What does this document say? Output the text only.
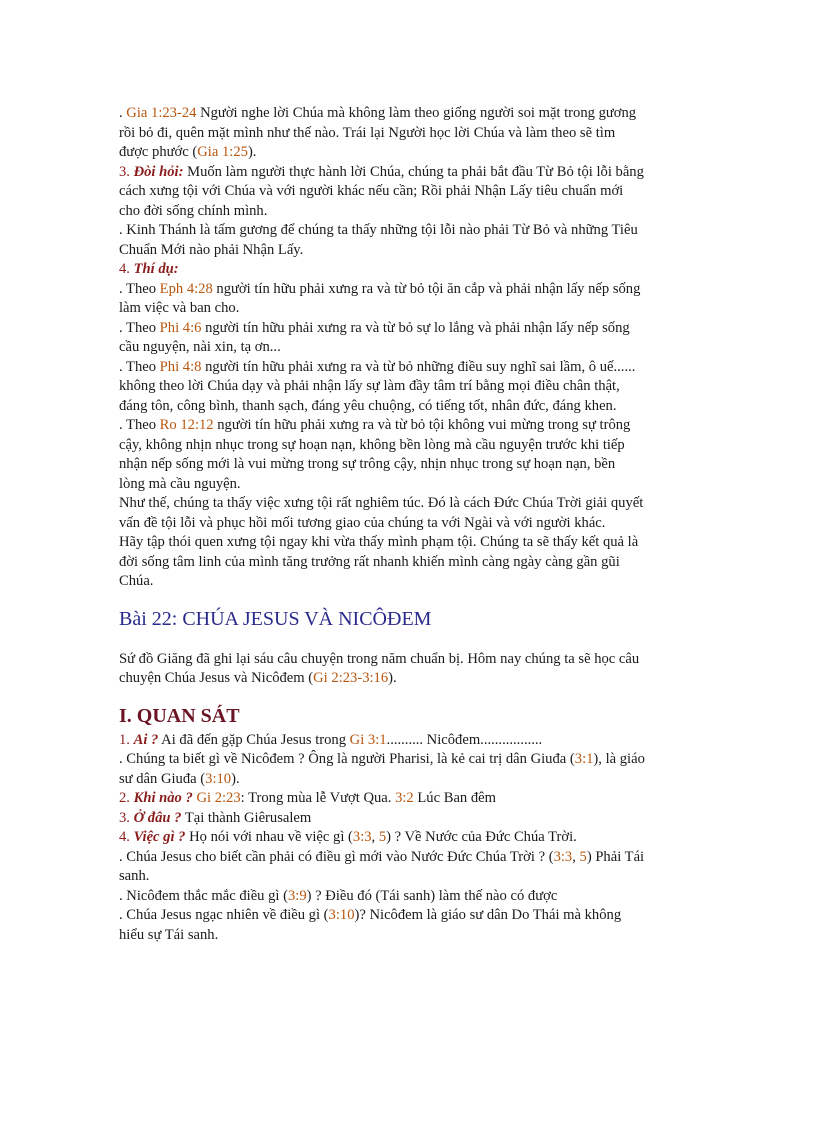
. Gia 1:23-24 Người nghe lời Chúa mà không làm theo giống người soi mặt trong gương
rồi bỏ đi, quên mặt mình như thế nào. Trái lại Người học lời Chúa và làm theo sẽ tìm
được phước (Gia 1:25).
3. Đòi hỏi: Muốn làm người thực hành lời Chúa, chúng ta phải bắt đầu Từ Bỏ tội lỗi bằng
cách xưng tội với Chúa và với người khác nếu cần; Rồi phải Nhận Lấy tiêu chuẩn mới
cho đời sống chính mình.
. Kinh Thánh là tấm gương để chúng ta thấy những tội lỗi nào phải Từ Bỏ và những Tiêu
Chuẩn Mới nào phải Nhận Lấy.
4. Thí dụ:
. Theo Eph 4:28 người tín hữu phải xưng ra và từ bỏ tội ăn cắp và phải nhận lấy nếp sống
làm việc và ban cho.
. Theo Phi 4:6 người tín hữu phải xưng ra và từ bỏ sự lo lắng và phải nhận lấy nếp sống
cầu nguyện, nài xin, tạ ơn...
. Theo Phi 4:8 người tín hữu phải xưng ra và từ bỏ những điều suy nghĩ sai lầm, ô uế......
không theo lời Chúa dạy và phải nhận lấy sự làm đầy tâm trí bằng mọi điều chân thật,
đáng tôn, công bình, thanh sạch, đáng yêu chuộng, có tiếng tốt, nhân đức, đáng khen.
. Theo Ro 12:12 người tín hữu phải xưng ra và từ bỏ tội không vui mừng trong sự trông
cậy, không nhịn nhục trong sự hoạn nạn, không bền lòng mà cầu nguyện trước khi tiếp
nhận nếp sống mới là vui mừng trong sự trông cậy, nhịn nhục trong sự hoạn nạn, bền
lòng mà cầu nguyện.
Như thế, chúng ta thấy việc xưng tội rất nghiêm túc. Đó là cách Đức Chúa Trời giải quyết
vấn đề tội lỗi và phục hồi mối tương giao của chúng ta với Ngài và với người khác.
Hãy tập thói quen xưng tội ngay khi vừa thấy mình phạm tội. Chúng ta sẽ thấy kết quả là
đời sống tâm linh của mình tăng trưởng rất nhanh khiến mình càng ngày càng gần gũi
Chúa.
Bài 22: CHÚA JESUS VÀ NICÔĐEM
Sứ đồ Giăng đã ghi lại sáu câu chuyện trong năm chuẩn bị. Hôm nay chúng ta sẽ học câu
chuyện Chúa Jesus và Nicôđem (Gi 2:23-3:16).
I. QUAN SÁT
1. Ai ? Ai đã đến gặp Chúa Jesus trong Gi 3:1.......... Nicôđem.................
. Chúng ta biết gì về Nicôđem ? Ông là người Pharisi, là kẻ cai trị dân Giuđa (3:1), là giáo
sư dân Giuđa (3:10).
2. Khi nào ? Gi 2:23: Trong mùa lễ Vượt Qua. 3:2 Lúc Ban đêm
3. Ở đâu ? Tại thành Giêrusalem
4. Việc gì ? Họ nói với nhau về việc gì (3:3, 5) ? Về Nước của Đức Chúa Trời.
. Chúa Jesus cho biết cần phải có điều gì mới vào Nước Đức Chúa Trời ? (3:3, 5) Phải Tái
sanh.
. Nicôđem thắc mắc điều gì (3:9) ? Điều đó (Tái sanh) làm thế nào có được
. Chúa Jesus ngạc nhiên về điều gì (3:10)? Nicôđem là giáo sư dân Do Thái mà không
hiểu sự Tái sanh.
